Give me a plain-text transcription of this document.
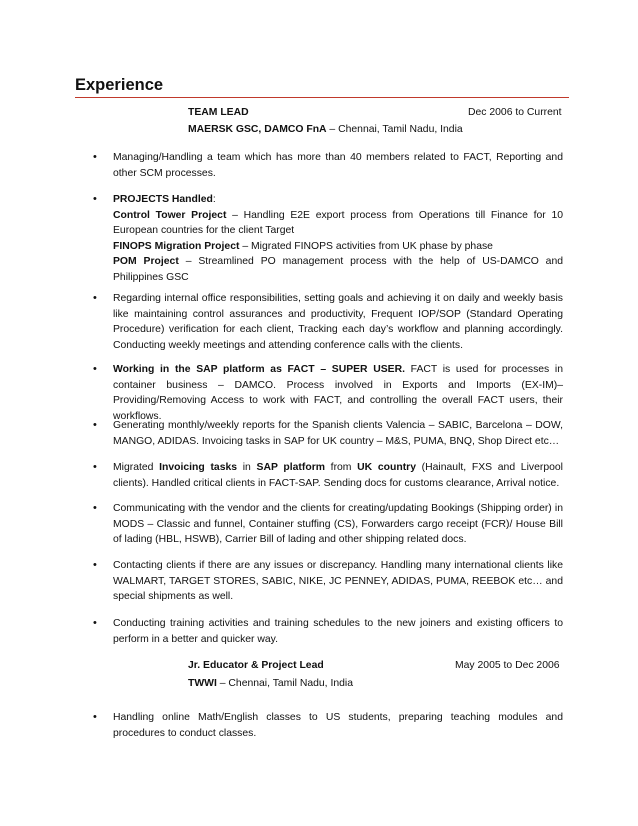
Experience
TEAM LEAD	Dec 2006 to Current
MAERSK GSC, DAMCO FnA – Chennai, Tamil Nadu, India
• Managing/Handling a team which has more than 40 members related to FACT, Reporting and other SCM processes.
• PROJECTS Handled:
Control Tower Project – Handling E2E export process from Operations till Finance for 10 European countries for the client Target
FINOPS Migration Project – Migrated FINOPS activities from UK phase by phase
POM Project – Streamlined PO management process with the help of US-DAMCO and Philippines GSC
• Regarding internal office responsibilities, setting goals and achieving it on daily and weekly basis like maintaining control assurances and productivity, Frequent IOP/SOP (Standard Operating Procedure) verification for each client, Tracking each day’s workflow and planning accordingly. Conducting weekly meetings and attending conference calls with the clients.
• Working in the SAP platform as FACT – SUPER USER. FACT is used for processes in container business – DAMCO. Process involved in Exports and Imports (EX-IM)–Providing/Removing Access to work with FACT, and controlling the overall FACT users, their workflows.
• Generating monthly/weekly reports for the Spanish clients Valencia – SABIC, Barcelona – DOW, MANGO, ADIDAS. Invoicing tasks in SAP for UK country – M&S, PUMA, BNQ, Shop Direct etc…
• Migrated Invoicing tasks in SAP platform from UK country (Hainault, FXS and Liverpool clients). Handled critical clients in FACT-SAP. Sending docs for customs clearance, Arrival notice.
• Communicating with the vendor and the clients for creating/updating Bookings (Shipping order) in MODS – Classic and funnel, Container stuffing (CS), Forwarders cargo receipt (FCR)/ House Bill of lading (HBL, HSWB), Carrier Bill of lading and other shipping related docs.
• Contacting clients if there are any issues or discrepancy. Handling many international clients like WALMART, TARGET STORES, SABIC, NIKE, JC PENNEY, ADIDAS, PUMA, REEBOK etc… and special shipments as well.
• Conducting training activities and training schedules to the new joiners and existing officers to perform in a better and quicker way.
Jr. Educator & Project Lead	May 2005 to Dec 2006
TWWI – Chennai, Tamil Nadu, India
• Handling online Math/English classes to US students, preparing teaching modules and procedures to conduct classes.
